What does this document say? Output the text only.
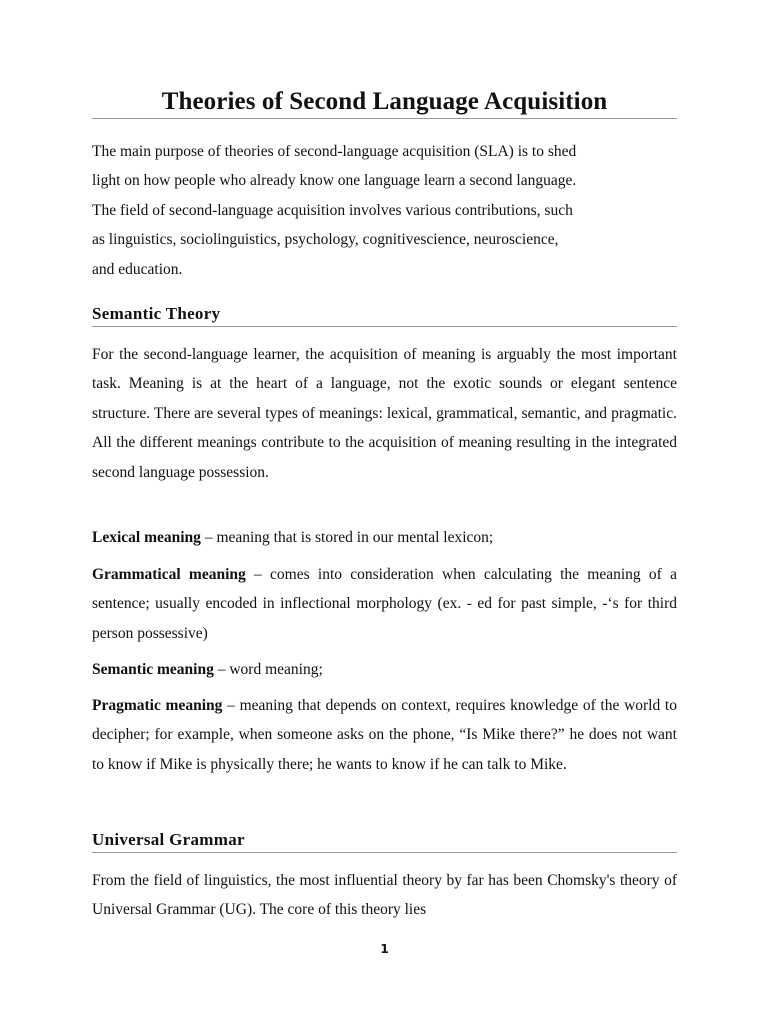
Theories of Second Language Acquisition

The main purpose of theories of second-language acquisition (SLA) is to shed
light on how people who already know one language learn a second language.
The field of second-language acquisition involves various contributions, such
as linguistics, sociolinguistics, psychology, cognitivescience, neuroscience,
and education.

Semantic Theory

For the second-language learner, the acquisition of meaning is arguably the most important task. Meaning is at the heart of a language, not the exotic sounds or elegant sentence structure. There are several types of meanings: lexical, grammatical, semantic, and pragmatic. All the different meanings contribute to the acquisition of meaning resulting in the integrated second language possession.

Lexical meaning – meaning that is stored in our mental lexicon;

Grammatical meaning – comes into consideration when calculating the meaning of a sentence; usually encoded in inflectional morphology (ex. - ed for past simple, -‘s for third person possessive)

Semantic meaning – word meaning;

Pragmatic meaning – meaning that depends on context, requires knowledge of the world to decipher; for example, when someone asks on the phone, “Is Mike there?” he does not want to know if Mike is physically there; he wants to know if he can talk to Mike.

Universal Grammar

From the field of linguistics, the most influential theory by far has been Chomsky's theory of Universal Grammar (UG). The core of this theory lies

1
